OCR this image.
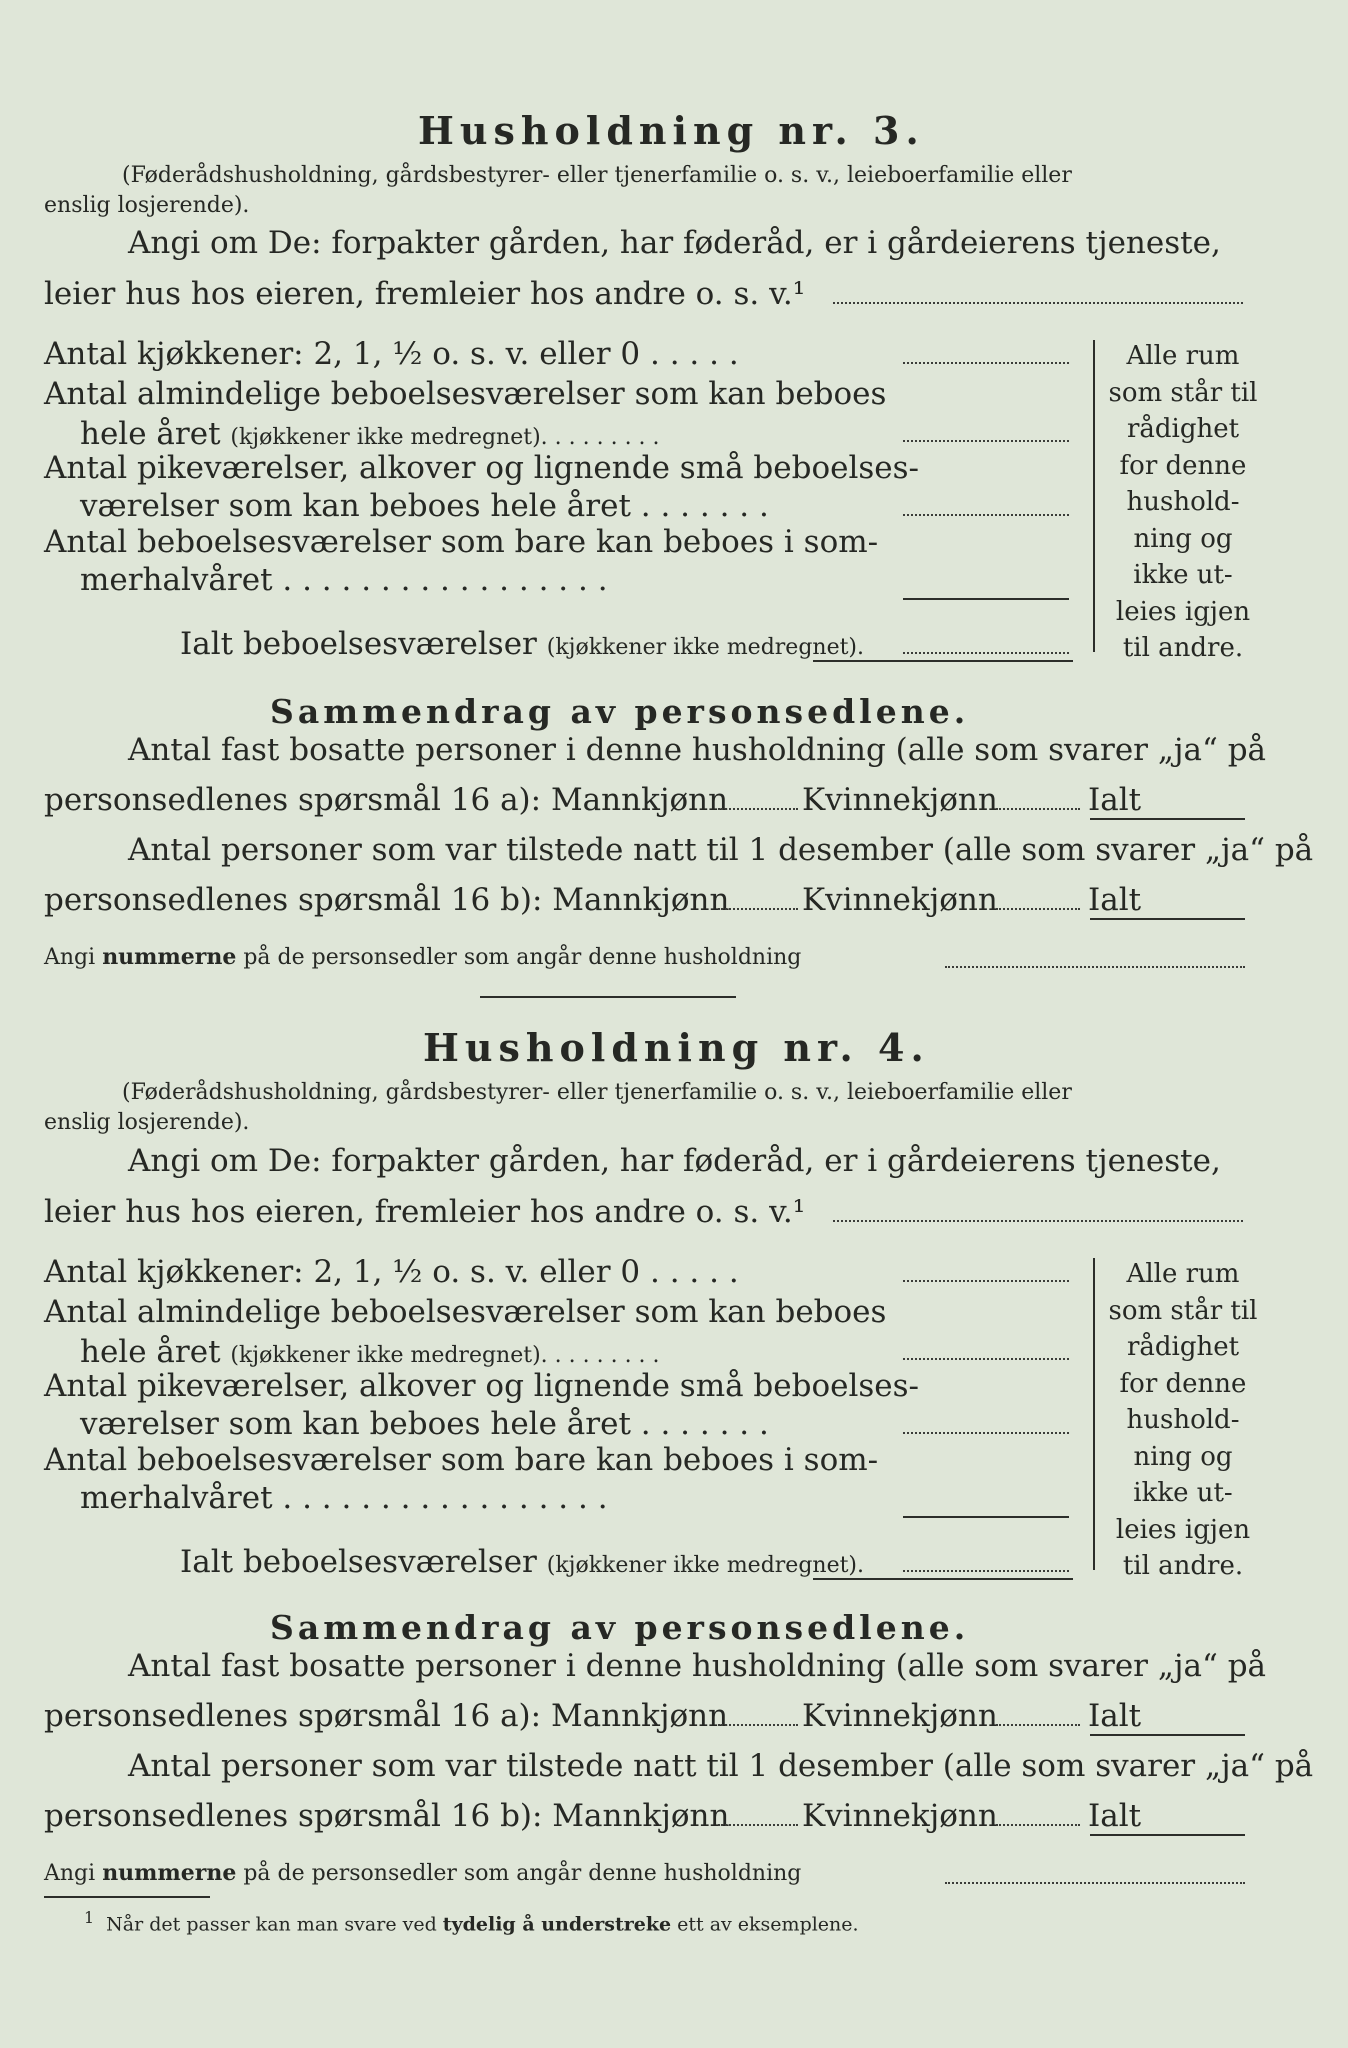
Husholdning nr. 3.
(Føderådshusholdning, gårdsbestyrer- eller tjenerfamilie o. s. v., leieboerfamilie eller
enslig losjerende).
Angi om De: forpakter gården, har føderåd, er i gårdeierens tjeneste,
leier hus hos eieren, fremleier hos andre o. s. v.¹
Antal kjøkkener: 2, 1, ½ o. s. v. eller 0 . . . . .
Antal almindelige beboelsesværelser som kan beboes
hele året (kjøkkener ikke medregnet). . . . . . . . .
Antal pikeværelser, alkover og lignende små beboelses-
værelser som kan beboes hele året . . . . . . .
Antal beboelsesværelser som bare kan beboes i som-
merhalvåret . . . . . . . . . . . . . . . . .
Ialt beboelsesværelser (kjøkkener ikke medregnet).
Alle rum
som står til
rådighet
for denne
hushold-
ning og
ikke ut-
leies igjen
til andre.
Sammendrag av personsedlene.
Antal fast bosatte personer i denne husholdning (alle som svarer „ja“ på
personsedlenes spørsmål 16 a): Mannkjønn Kvinnekjønn	Ialt
Antal personer som var tilstede natt til 1 desember (alle som svarer „ja“ på
personsedlenes spørsmål 16 b): Mannkjønn Kvinnekjønn	Ialt
Angi nummerne på de personsedler som angår denne husholdning
Husholdning nr. 4.
(Føderådshusholdning, gårdsbestyrer- eller tjenerfamilie o. s. v., leieboerfamilie eller
enslig losjerende).
Angi om De: forpakter gården, har føderåd, er i gårdeierens tjeneste,
leier hus hos eieren, fremleier hos andre o. s. v.¹
Antal kjøkkener: 2, 1, ½ o. s. v. eller 0 . . . . .
Antal almindelige beboelsesværelser som kan beboes
hele året (kjøkkener ikke medregnet). . . . . . . . .
Antal pikeværelser, alkover og lignende små beboelses-
værelser som kan beboes hele året . . . . . . .
Antal beboelsesværelser som bare kan beboes i som-
merhalvåret . . . . . . . . . . . . . . . . .
Ialt beboelsesværelser (kjøkkener ikke medregnet).
Alle rum
som står til
rådighet
for denne
hushold-
ning og
ikke ut-
leies igjen
til andre.
Sammendrag av personsedlene.
Antal fast bosatte personer i denne husholdning (alle som svarer „ja“ på
personsedlenes spørsmål 16 a): Mannkjønn Kvinnekjønn	Ialt
Antal personer som var tilstede natt til 1 desember (alle som svarer „ja“ på
personsedlenes spørsmål 16 b): Mannkjønn Kvinnekjønn	Ialt
Angi nummerne på de personsedler som angår denne husholdning
$^1$ Når det passer kan man svare ved tydelig å understreke ett av eksemplene.
